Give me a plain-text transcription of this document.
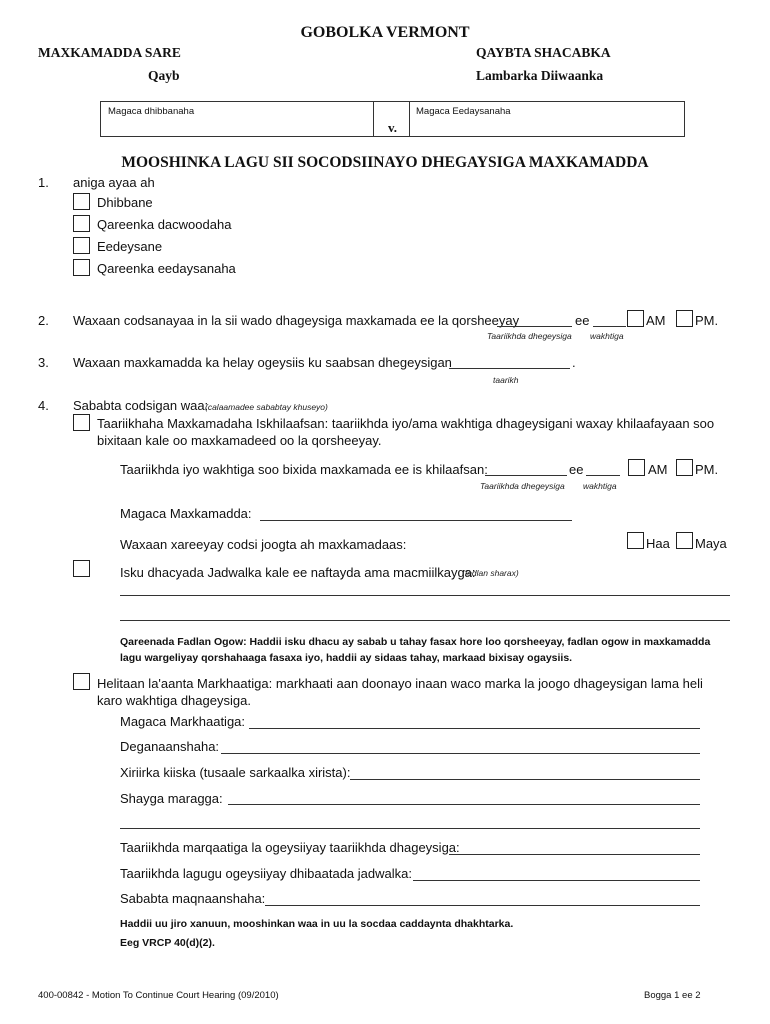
GOBOLKA VERMONT
MAXKAMADDA SARE
Qayb
QAYBTA SHACABKA
Lambarka Diiwaanka
Magaca dhibbanaha
v.
Magaca Eedaysanaha
MOOSHINKA LAGU SII SOCODSIINAYO DHEGAYSIGA MAXKAMADDA
1. aniga ayaa ah
Dhibbane
Qareenka dacwoodaha
Eedeysane
Qareenka eedaysanaha
2. Waxaan codsanayaa in la sii wado dhageysiga maxkamada ee la qorsheeyay	ee	AM PM.
Taariikhda dhegeysiga wakhtiga
3. Waxaan maxkamadda ka helay ogeysiis ku saabsan dhegeysigan	.
taarikh
4. Sababta codsigan waa:
(calaamadee sababtay khuseyo)
Taariikhaha Maxkamadaha Iskhilaafsan: taariikhda iyo/ama wakhtiga dhageysigani waxay khilaafayaan soo bixitaan kale oo maxkamadeed oo la qorsheeyay.
Taariikhda iyo wakhtiga soo bixida maxkamada ee is khilaafsan:	ee	AM PM.
Taariikhda dhegeysiga wakhtiga
Magaca Maxkamadda:
Waxaan xareeyay codsi joogta ah maxkamadaas:	Haa Maya
Isku dhacyada Jadwalka kale ee naftayda ama macmiilkayga:
(fadlan sharax)
Qareenada Fadlan Ogow: Haddii isku dhacu ay sabab u tahay fasax hore loo qorsheeyay, fadlan ogow in maxkamadda lagu wargeliyay qorshahaaga fasaxa iyo, haddii ay sidaas tahay, markaad bixisay ogaysiis.
Helitaan la'aanta Markhaatiga: markhaati aan doonayo inaan waco marka la joogo dhageysigan lama heli karo wakhtiga dhageysiga.
Magaca Markhaatiga:
Deganaanshaha:
Xiriirka kiiska (tusaale sarkaalka xirista):
Shayga maragga:
Taariikhda marqaatiga la ogeysiiyay taariikhda dhageysiga:
Taariikhda lagugu ogeysiiyay dhibaatada jadwalka:
Sababta maqnaanshaha:
Haddii uu jiro xanuun, mooshinkan waa in uu la socdaa caddaynta dhakhtarka.
Eeg VRCP 40(d)(2).
400-00842 - Motion To Continue Court Hearing (09/2010)	Bogga 1 ee 2
